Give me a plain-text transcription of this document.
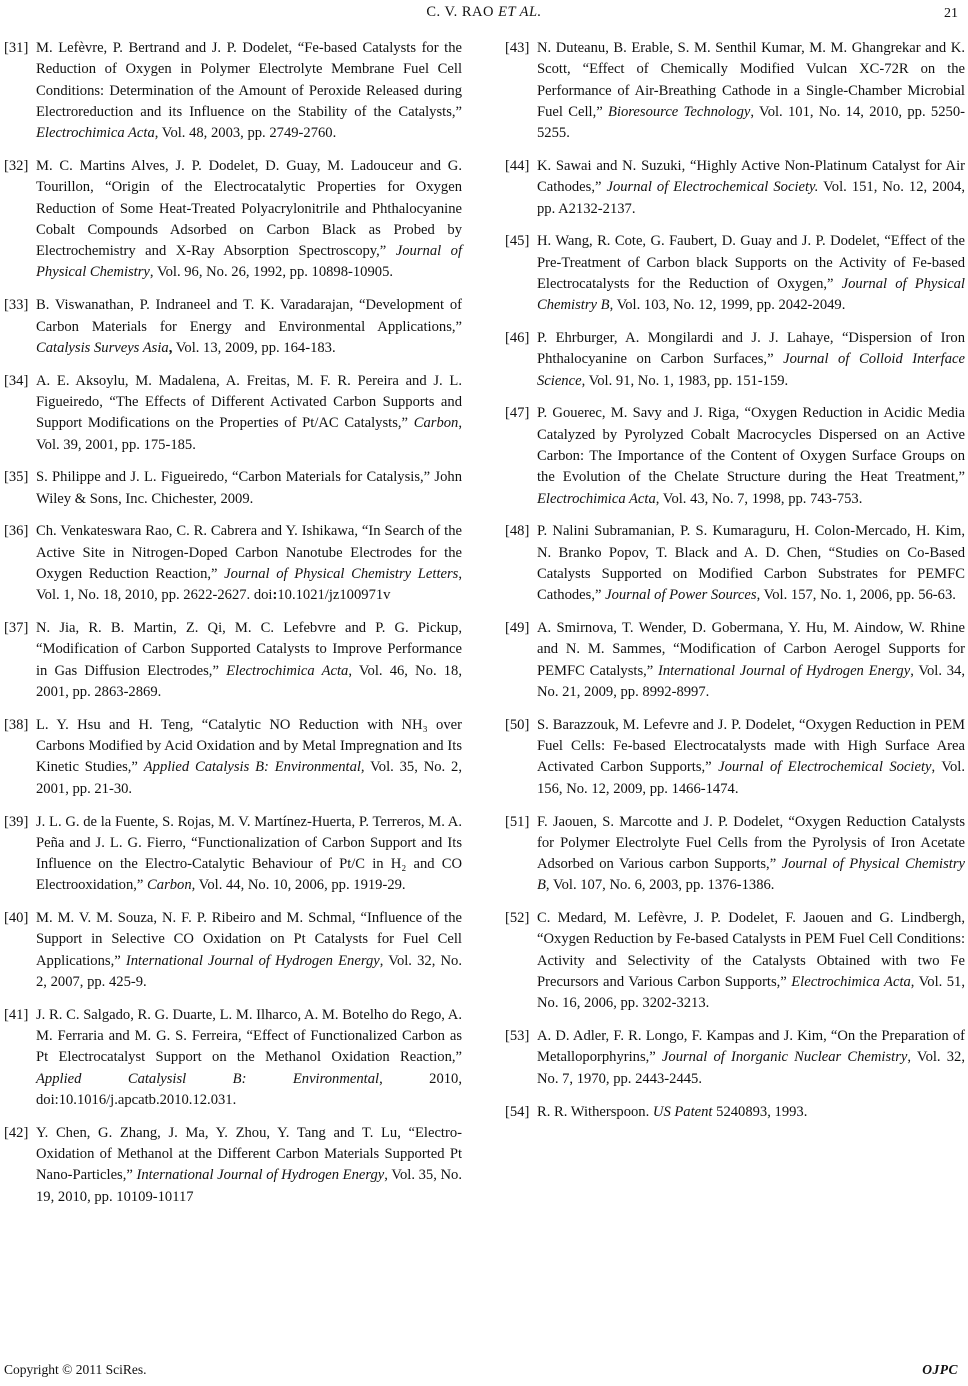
C. V. RAO ET AL.	21
[31] M. Lefèvre, P. Bertrand and J. P. Dodelet, “Fe-based Catalysts for the Reduction of Oxygen in Polymer Electrolyte Membrane Fuel Cell Conditions: Determination of the Amount of Peroxide Released during Electroreduction and its Influence on the Stability of the Catalysts,” Electrochimica Acta, Vol. 48, 2003, pp. 2749-2760.
[32] M. C. Martins Alves, J. P. Dodelet, D. Guay, M. Ladouceur and G. Tourillon, “Origin of the Electrocatalytic Properties for Oxygen Reduction of Some Heat-Treated Polyacrylonitrile and Phthalocyanine Cobalt Compounds Adsorbed on Carbon Black as Probed by Electrochemistry and X-Ray Absorption Spectroscopy,” Journal of Physical Chemistry, Vol. 96, No. 26, 1992, pp. 10898-10905.
[33] B. Viswanathan, P. Indraneel and T. K. Varadarajan, “Development of Carbon Materials for Energy and Environmental Applications,” Catalysis Surveys Asia, Vol. 13, 2009, pp. 164-183.
[34] A. E. Aksoylu, M. Madalena, A. Freitas, M. F. R. Pereira and J. L. Figueiredo, “The Effects of Different Activated Carbon Supports and Support Modifications on the Properties of Pt/AC Catalysts,” Carbon, Vol. 39, 2001, pp. 175-185.
[35] S. Philippe and J. L. Figueiredo, “Carbon Materials for Catalysis,” John Wiley & Sons, Inc. Chichester, 2009.
[36] Ch. Venkateswara Rao, C. R. Cabrera and Y. Ishikawa, “In Search of the Active Site in Nitrogen-Doped Carbon Nanotube Electrodes for the Oxygen Reduction Reaction,” Journal of Physical Chemistry Letters, Vol. 1, No. 18, 2010, pp. 2622-2627. doi:10.1021/jz100971v
[37] N. Jia, R. B. Martin, Z. Qi, M. C. Lefebvre and P. G. Pickup, “Modification of Carbon Supported Catalysts to Improve Performance in Gas Diffusion Electrodes,” Electrochimica Acta, Vol. 46, No. 18, 2001, pp. 2863-2869.
[38] L. Y. Hsu and H. Teng, “Catalytic NO Reduction with NH₃ over Carbons Modified by Acid Oxidation and by Metal Impregnation and Its Kinetic Studies,” Applied Catalysis B: Environmental, Vol. 35, No. 2, 2001, pp. 21-30.
[39] J. L. G. de la Fuente, S. Rojas, M. V. Martínez-Huerta, P. Terreros, M. A. Peña and J. L. G. Fierro, “Functionalization of Carbon Support and Its Influence on the Electro-Catalytic Behaviour of Pt/C in H₂ and CO Electrooxidation,” Carbon, Vol. 44, No. 10, 2006, pp. 1919-29.
[40] M. M. V. M. Souza, N. F. P. Ribeiro and M. Schmal, “Influence of the Support in Selective CO Oxidation on Pt Catalysts for Fuel Cell Applications,” International Journal of Hydrogen Energy, Vol. 32, No. 2, 2007, pp. 425-9.
[41] J. R. C. Salgado, R. G. Duarte, L. M. Ilharco, A. M. Botelho do Rego, A. M. Ferraria and M. G. S. Ferreira, “Effect of Functionalized Carbon as Pt Electrocatalyst Support on the Methanol Oxidation Reaction,” Applied Catalysisl B: Environmental, 2010, doi:10.1016/j.apcatb.2010.12.031.
[42] Y. Chen, G. Zhang, J. Ma, Y. Zhou, Y. Tang and T. Lu, “Electro-Oxidation of Methanol at the Different Carbon Materials Supported Pt Nano-Particles,” International Journal of Hydrogen Energy, Vol. 35, No. 19, 2010, pp. 10109-10117
[43] N. Duteanu, B. Erable, S. M. Senthil Kumar, M. M. Ghangrekar and K. Scott, “Effect of Chemically Modified Vulcan XC-72R on the Performance of Air-Breathing Cathode in a Single-Chamber Microbial Fuel Cell,” Bioresource Technology, Vol. 101, No. 14, 2010, pp. 5250-5255.
[44] K. Sawai and N. Suzuki, “Highly Active Non-Platinum Catalyst for Air Cathodes,” Journal of Electrochemical Society. Vol. 151, No. 12, 2004, pp. A2132-2137.
[45] H. Wang, R. Cote, G. Faubert, D. Guay and J. P. Dodelet, “Effect of the Pre-Treatment of Carbon black Supports on the Activity of Fe-based Electrocatalysts for the Reduction of Oxygen,” Journal of Physical Chemistry B, Vol. 103, No. 12, 1999, pp. 2042-2049.
[46] P. Ehrburger, A. Mongilardi and J. J. Lahaye, “Dispersion of Iron Phthalocyanine on Carbon Surfaces,” Journal of Colloid Interface Science, Vol. 91, No. 1, 1983, pp. 151-159.
[47] P. Gouerec, M. Savy and J. Riga, “Oxygen Reduction in Acidic Media Catalyzed by Pyrolyzed Cobalt Macrocycles Dispersed on an Active Carbon: The Importance of the Content of Oxygen Surface Groups on the Evolution of the Chelate Structure during the Heat Treatment,” Electrochimica Acta, Vol. 43, No. 7, 1998, pp. 743-753.
[48] P. Nalini Subramanian, P. S. Kumaraguru, H. Colon-Mercado, H. Kim, N. Branko Popov, T. Black and A. D. Chen, “Studies on Co-Based Catalysts Supported on Modified Carbon Substrates for PEMFC Cathodes,” Journal of Power Sources, Vol. 157, No. 1, 2006, pp. 56-63.
[49] A. Smirnova, T. Wender, D. Gobermana, Y. Hu, M. Aindow, W. Rhine and N. M. Sammes, “Modification of Carbon Aerogel Supports for PEMFC Catalysts,” International Journal of Hydrogen Energy, Vol. 34, No. 21, 2009, pp. 8992-8997.
[50] S. Barazzouk, M. Lefevre and J. P. Dodelet, “Oxygen Reduction in PEM Fuel Cells: Fe-based Electrocatalysts made with High Surface Area Activated Carbon Supports,” Journal of Electrochemical Society, Vol. 156, No. 12, 2009, pp. 1466-1474.
[51] F. Jaouen, S. Marcotte and J. P. Dodelet, “Oxygen Reduction Catalysts for Polymer Electrolyte Fuel Cells from the Pyrolysis of Iron Acetate Adsorbed on Various carbon Supports,” Journal of Physical Chemistry B, Vol. 107, No. 6, 2003, pp. 1376-1386.
[52] C. Medard, M. Lefèvre, J. P. Dodelet, F. Jaouen and G. Lindbergh, “Oxygen Reduction by Fe-based Catalysts in PEM Fuel Cell Conditions: Activity and Selectivity of the Catalysts Obtained with two Fe Precursors and Various Carbon Supports,” Electrochimica Acta, Vol. 51, No. 16, 2006, pp. 3202-3213.
[53] A. D. Adler, F. R. Longo, F. Kampas and J. Kim, “On the Preparation of Metalloporphyrins,” Journal of Inorganic Nuclear Chemistry, Vol. 32, No. 7, 1970, pp. 2443-2445.
[54] R. R. Witherspoon. US Patent 5240893, 1993.
Copyright © 2011 SciRes.	OJPC
